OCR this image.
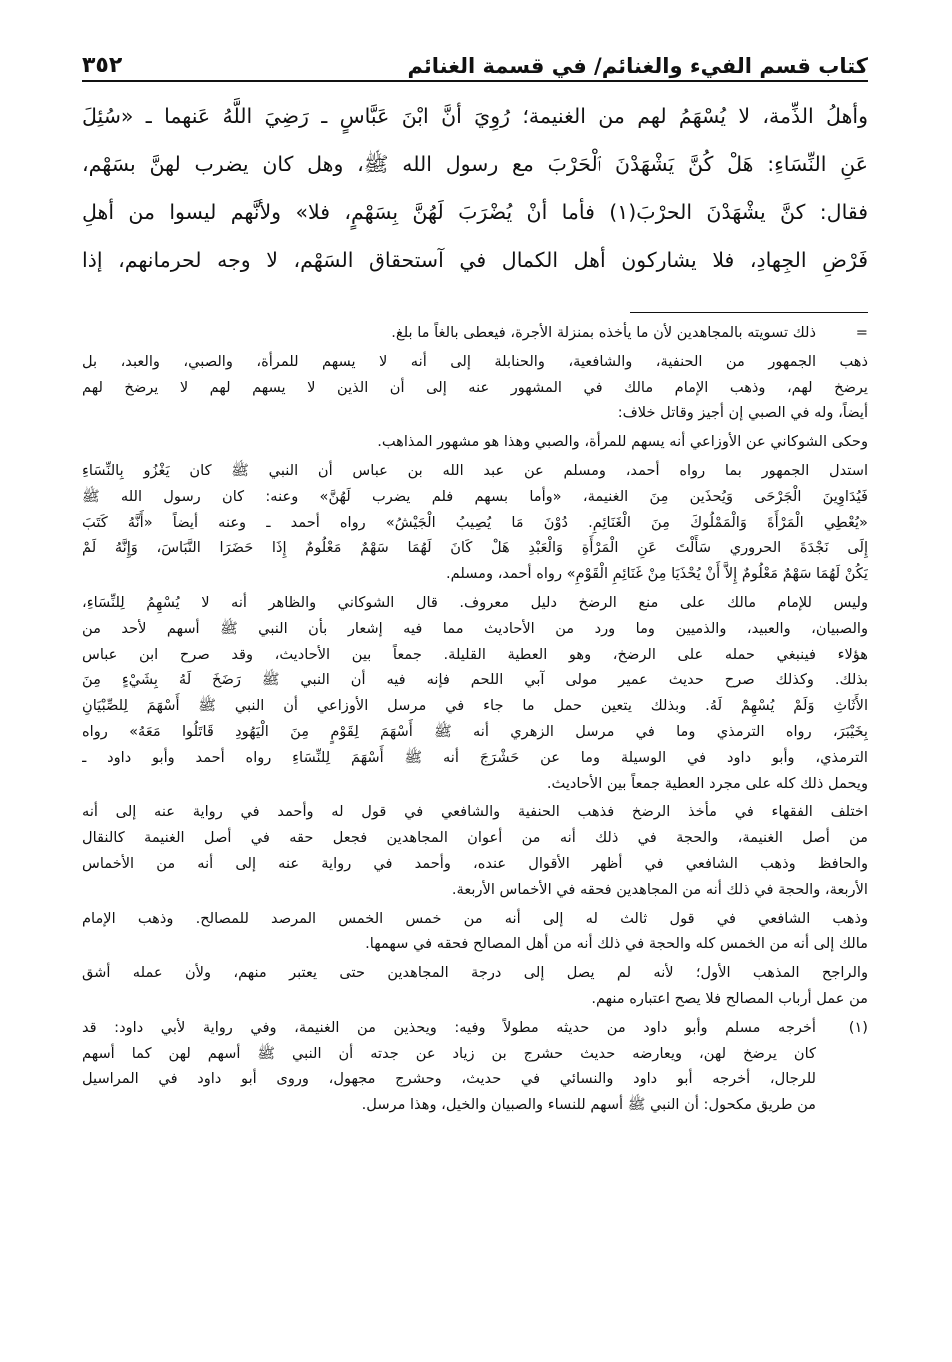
كتاب قسم الفيء والغنائم/ في قسمة الغنائم
٣٥٢

وأهلُ الذِّمة، لا يُسْهَمُ لهم من الغنيمة؛ رُوِيَ أنَّ ابْنَ عَبَّاسٍ ـ رَضِيَ اللَّهُ عَنهما ـ «سُئِلَ

عَنِ النِّسَاءِ: هَلْ كُنَّ يَشْهَدْنَ ٱلْحَرْبَ مع رسول الله ﷺ، وهل كان يضرب لهنَّ بسَهْم،

فقال: كنَّ يشْهَدْنَ الحرْبَ(١) فأما أنْ يُضْرَبَ لَهُنَّ بِسَهْمٍ، فلا» ولأنَّهم ليسوا من أهلِ

فَرْضِ الجِهادِ، فلا يشاركون أهل الكمال في آستحقاق السَهْم، لا وجه لحرمانهم، إذا

=

ذلك تسويته بالمجاهدين لأن ما يأخذه بمنزلة الأجرة، فيعطى بالغاً ما بلغ.

ذهب الجمهور من الحنفية، والشافعية، والحنابلة إلى أنه لا يسهم للمرأة، والصبي، والعبد، بل

يرضخ لهم، وذهب الإمام مالك في المشهور عنه إلى أن الذين لا يسهم لهم لا يرضخ لهم

أيضاً، وله في الصبي إن أجيز وقاتل خلاف:

وحكى الشوكاني عن الأوزاعي أنه يسهم للمرأة، والصبي وهذا هو مشهور المذاهب.

استدل الجمهور بما رواه أحمد، ومسلم عن عبد الله بن عباس أن النبي ﷺ كان يَغْزُو بِالنِّسَاءِ

فَيُدَاوِينَ الْجَرْحَى وَيُحذَين مِنَ الغنيمة، «وأما بسهم فلم يضرب لَهُنَّ» وعنه: كان رسول الله ﷺ

«يُعْطِي الْمَرْأَةَ وَالْمَمْلُوكَ مِنَ الْغَنَائِمِ. دُوْنَ مَا يُصِيبُ الْجَيْشُ» رواه أحمد ـ وعنه أيضاً «أَنَّهُ كَتَبَ

إِلَى نَجْدَةَ الحروري سَأَلْتَ عَنِ الْمَرْأَةِ وَالْعَبْدِ هَلْ كَانَ لَهُمَا سَهْمٌ مَعْلُومٌ إِذَا حَضَرَا النَّبَاسَ، وَإِنَّهُ لَمْ

يَكُنْ لَهُمَا سَهْمٌ مَعْلُومٌ إِلاَّ أَنْ يُحْذَيَا مِنْ غَنَائِمِ الْقَوْمِ» رواه أحمد، ومسلم.

وليس للإمام مالك على منع الرضخ دليل معروف. قال الشوكاني والظاهر أنه لا يُسْهِمُ لِلنِّسَاءِ،

والصبيان، والعبيد، والذميين وما ورد من الأحاديث مما فيه إشعار بأن النبي ﷺ أسهم لأحد من

هؤلاء فينبغي حمله على الرضخ، وهو العطية القليلة. جمعاً بين الأحاديث، وقد صرح ابن عباس

بذلك. وكذلك صرح حديث عمير مولى آبي اللحم فإنه فيه أن النبي ﷺ رَضَخَ لَهُ بِشَيْءٍ مِنَ

الأَثَاثِ وَلَمْ يُسْهِمْ لَهُ. وبذلك يتعين حمل ما جاء في مرسل الأوزاعي أن النبي ﷺ أَسْهَمَ لِلصِّبْيَانِ

بِخَيْبَرَ، رواه الترمذي وما في مرسل الزهري أنه ﷺ أَسْهَمَ لِقَوْمٍ مِنَ الْيَهُودِ قَاتَلُوا مَعَهُ» رواه

الترمذي، وأبو داود في الوسيلة وما عن حَشْرَجَ أنه ﷺ أَسْهَمَ لِلنِّسَاءِ رواه أحمد وأبو داود ـ

ويحمل ذلك كله على مجرد العطية جمعاً بين الأحاديث.

اختلف الفقهاء في مأخذ الرضخ فذهب الحنفية والشافعي في قول له وأحمد في رواية عنه إلى أنه

من أصل الغنيمة، والحجة في ذلك أنه من أعوان المجاهدين فجعل حقه في أصل الغنيمة كالنقال

والحافظ وذهب الشافعي في أظهر الأقوال عنده، وأحمد في رواية عنه إلى أنه من الأخماس

الأربعة، والحجة في ذلك أنه من المجاهدين فحقه في الأخماس الأربعة.

وذهب الشافعي في قول ثالث له إلى أنه من خمس الخمس المرصد للمصالح. وذهب الإمام

مالك إلى أنه من الخمس كله والحجة في ذلك أنه من أهل المصالح فحقه في سهمها.

والراجح المذهب الأول؛ لأنه لم يصل إلى درجة المجاهدين حتى يعتبر منهم، ولأن عمله أشق

من عمل أرباب المصالح فلا يصح اعتباره منهم.

(١)

أخرجه مسلم وأبو داود من حديثه مطولاً وفيه: ويحذين من الغنيمة، وفي رواية لأبي داود: قد

كان يرضخ لهن، ويعارضه حديث حشرج بن زياد عن جدته أن النبي ﷺ أسهم لهن كما أسهم

للرجال، أخرجه أبو داود والنسائي في حديث، وحشرج مجهول، وروى أبو داود في المراسيل

من طريق مكحول: أن النبي ﷺ أسهم للنساء والصبيان والخيل، وهذا مرسل.
